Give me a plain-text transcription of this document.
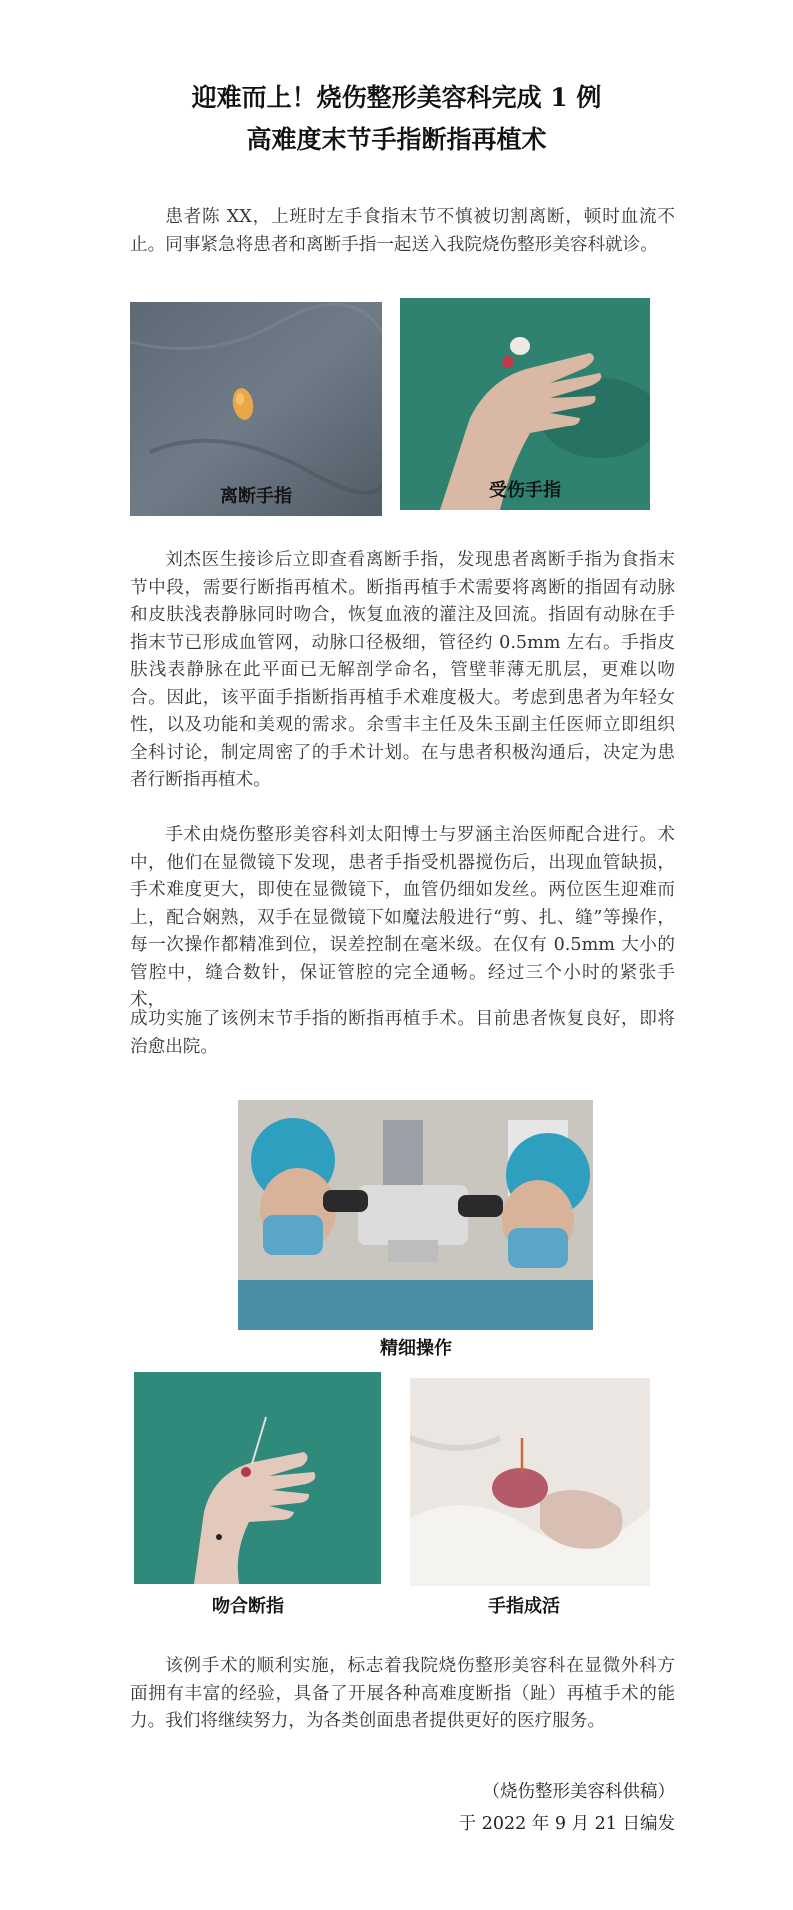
迎难而上！烧伤整形美容科完成 1 例
高难度末节手指断指再植术
患者陈 XX，上班时左手食指末节不慎被切割离断，顿时血流不止。同事紧急将患者和离断手指一起送入我院烧伤整形美容科就诊。
离断手指	受伤手指
刘杰医生接诊后立即查看离断手指，发现患者离断手指为食指末节中段，需要行断指再植术。断指再植手术需要将离断的指固有动脉和皮肤浅表静脉同时吻合，恢复血液的灌注及回流。指固有动脉在手指末节已形成血管网，动脉口径极细，管径约 0.5mm 左右。手指皮肤浅表静脉在此平面已无解剖学命名，管壁菲薄无肌层，更难以吻合。因此，该平面手指断指再植手术难度极大。考虑到患者为年轻女性，以及功能和美观的需求。余雪丰主任及朱玉副主任医师立即组织全科讨论，制定周密了的手术计划。在与患者积极沟通后，决定为患者行断指再植术。
手术由烧伤整形美容科刘太阳博士与罗涵主治医师配合进行。术中，他们在显微镜下发现，患者手指受机器搅伤后，出现血管缺损，手术难度更大，即使在显微镜下，血管仍细如发丝。两位医生迎难而上，配合娴熟，双手在显微镜下如魔法般进行“剪、扎、缝”等操作，每一次操作都精准到位，误差控制在毫米级。在仅有 0.5mm 大小的管腔中，缝合数针，保证管腔的完全通畅。经过三个小时的紧张手术，
成功实施了该例末节手指的断指再植手术。目前患者恢复良好，即将治愈出院。
精细操作
吻合断指	手指成活
该例手术的顺利实施，标志着我院烧伤整形美容科在显微外科方面拥有丰富的经验，具备了开展各种高难度断指（趾）再植手术的能力。我们将继续努力，为各类创面患者提供更好的医疗服务。
（烧伤整形美容科供稿）
于 2022 年 9 月 21 日编发
